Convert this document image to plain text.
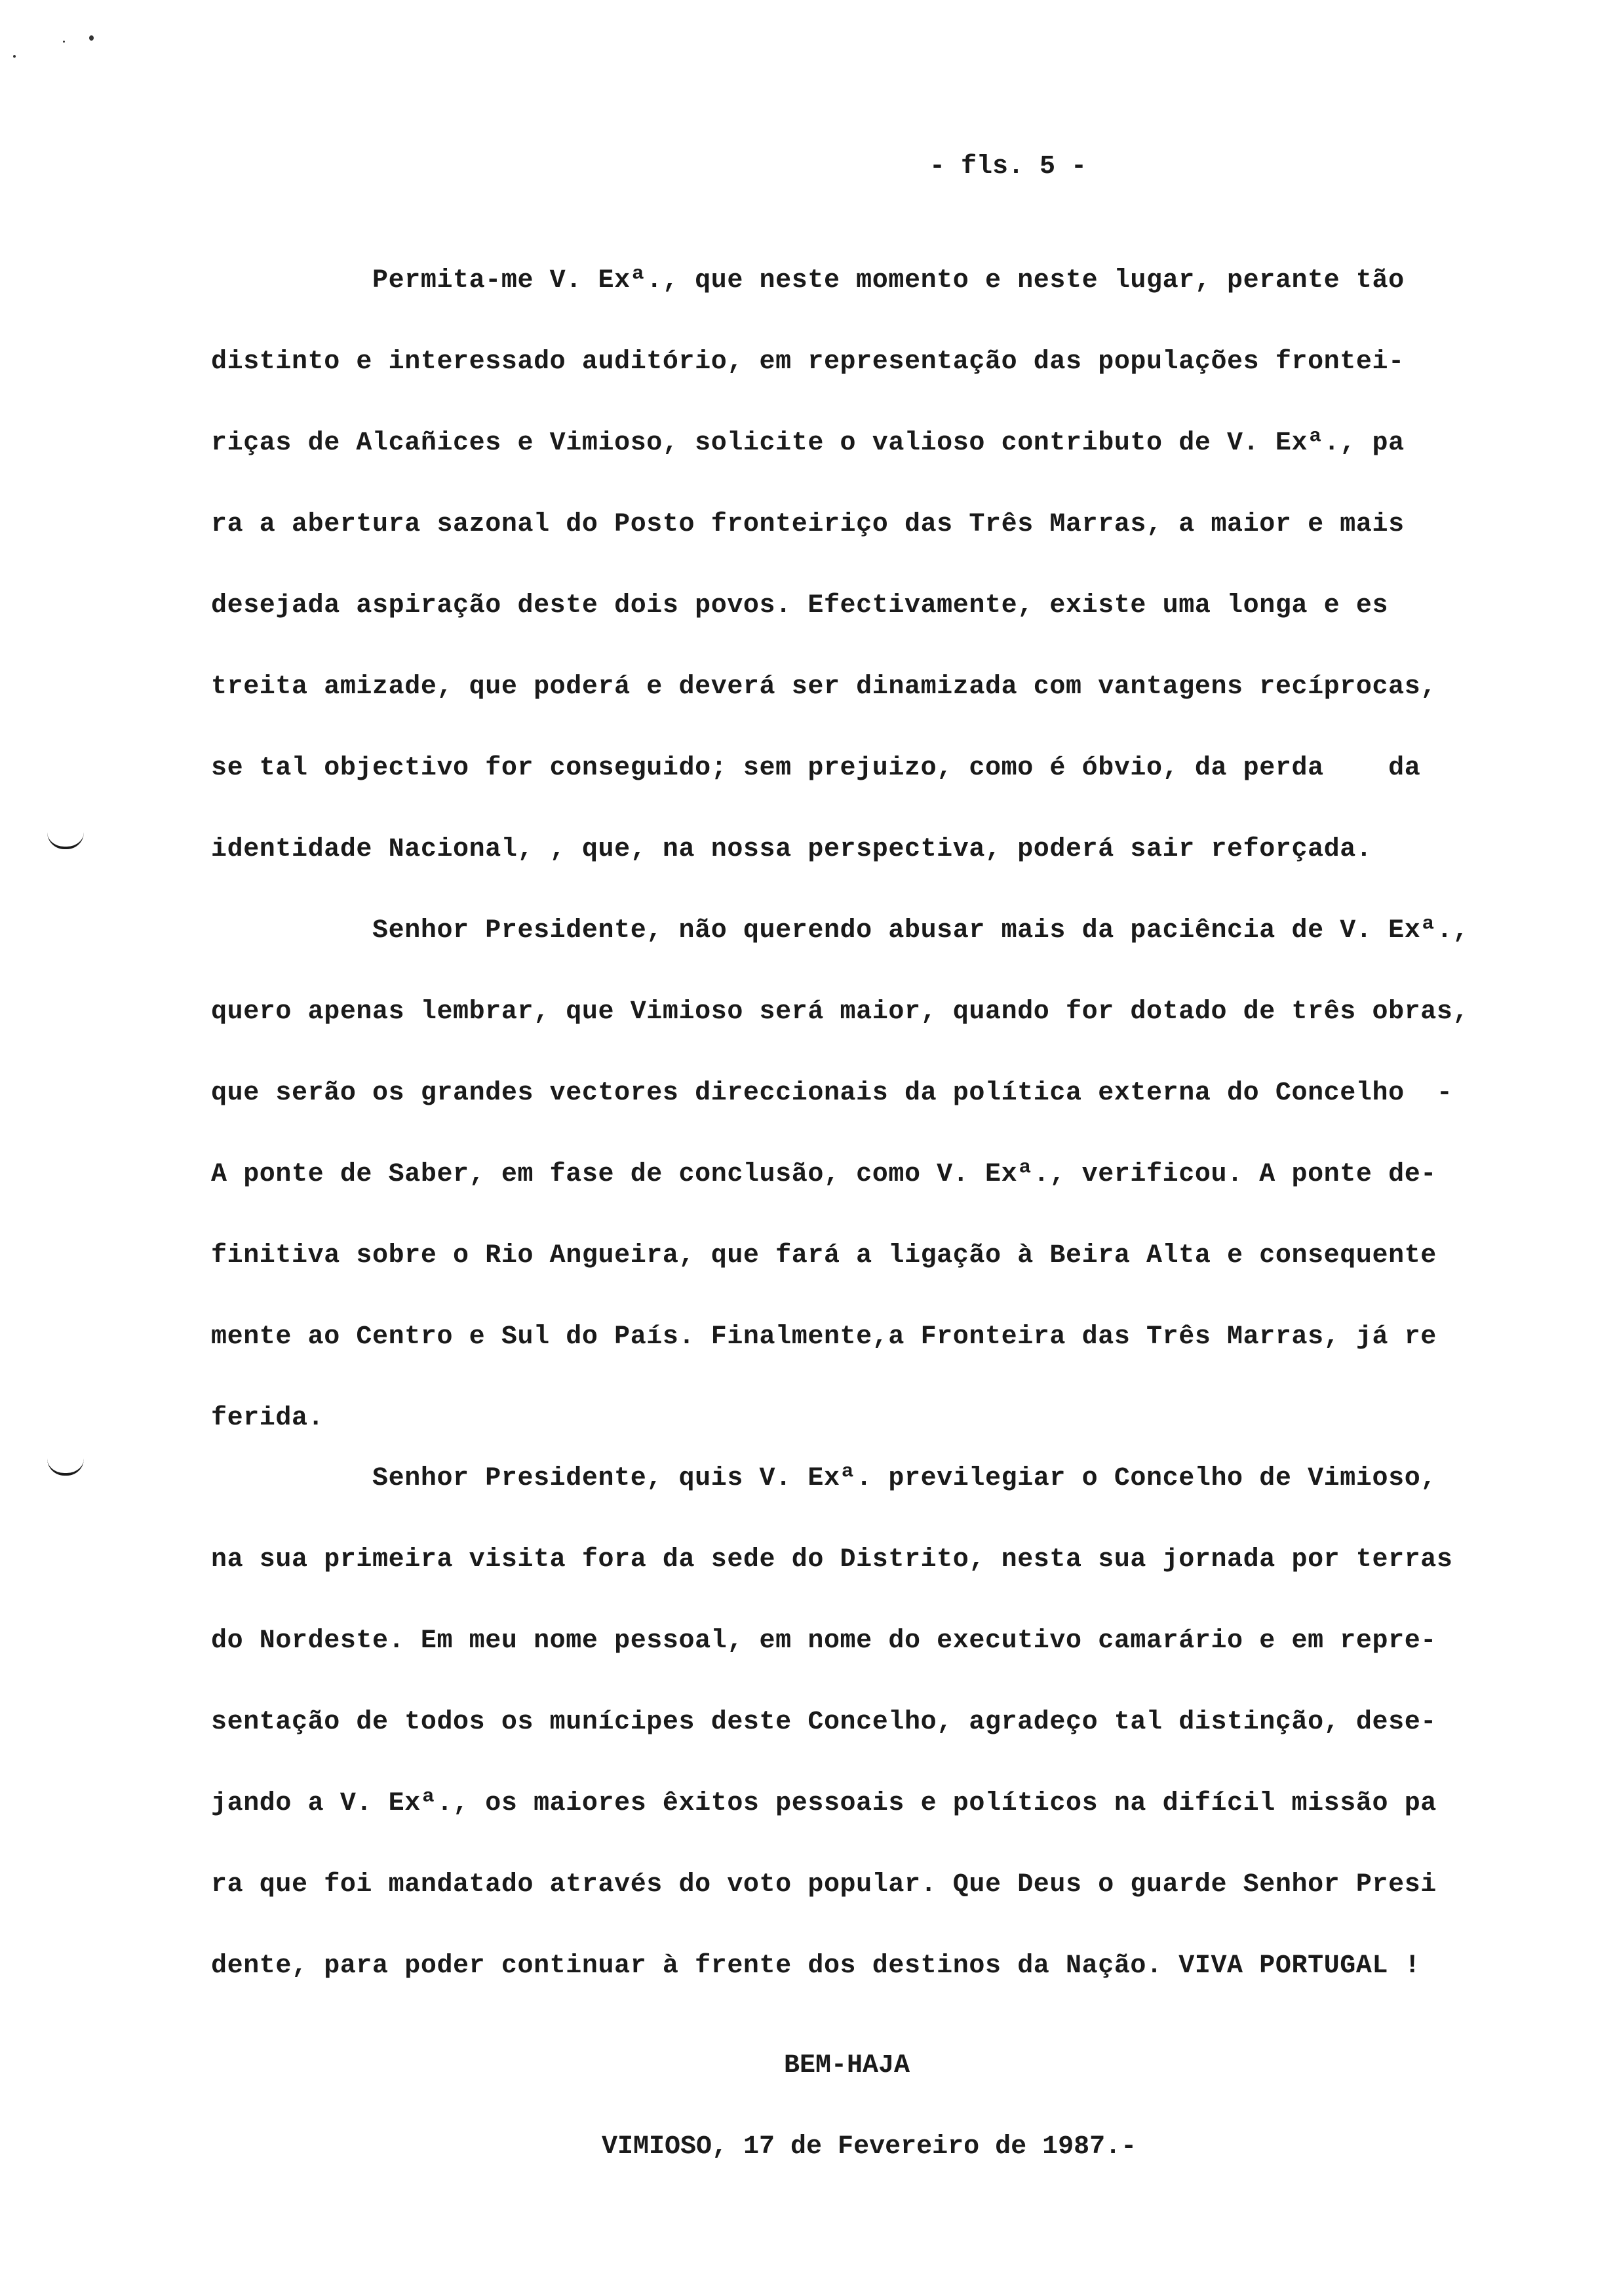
- fls. 5 -
Permita-me V. Exª., que neste momento e neste lugar, perante tão
distinto e interessado auditório, em representação das populações frontei-
riças de Alcañices e Vimioso, solicite o valioso contributo de V. Exª., pa
ra a abertura sazonal do Posto fronteiriço das Três Marras, a maior e mais
desejada aspiração deste dois povos. Efectivamente, existe uma longa e es
treita amizade, que poderá e deverá ser dinamizada com vantagens recíprocas,
se tal objectivo for conseguido; sem prejuizo, como é óbvio, da perda    da
identidade Nacional, , que, na nossa perspectiva, poderá sair reforçada.
Senhor Presidente, não querendo abusar mais da paciência de V. Exª.,
quero apenas lembrar, que Vimioso será maior, quando for dotado de três obras,
que serão os grandes vectores direccionais da política externa do Concelho  -
A ponte de Saber, em fase de conclusão, como V. Exª., verificou. A ponte de-
finitiva sobre o Rio Angueira, que fará a ligação à Beira Alta e consequente
mente ao Centro e Sul do País. Finalmente,a Fronteira das Três Marras, já re
ferida.
Senhor Presidente, quis V. Exª. previlegiar o Concelho de Vimioso,
na sua primeira visita fora da sede do Distrito, nesta sua jornada por terras
do Nordeste. Em meu nome pessoal, em nome do executivo camarário e em repre-
sentação de todos os munícipes deste Concelho, agradeço tal distinção, dese-
jando a V. Exª., os maiores êxitos pessoais e políticos na difícil missão pa
ra que foi mandatado através do voto popular. Que Deus o guarde Senhor Presi
dente, para poder continuar à frente dos destinos da Nação. VIVA PORTUGAL !
BEM-HAJA
VIMIOSO, 17 de Fevereiro de 1987.-
